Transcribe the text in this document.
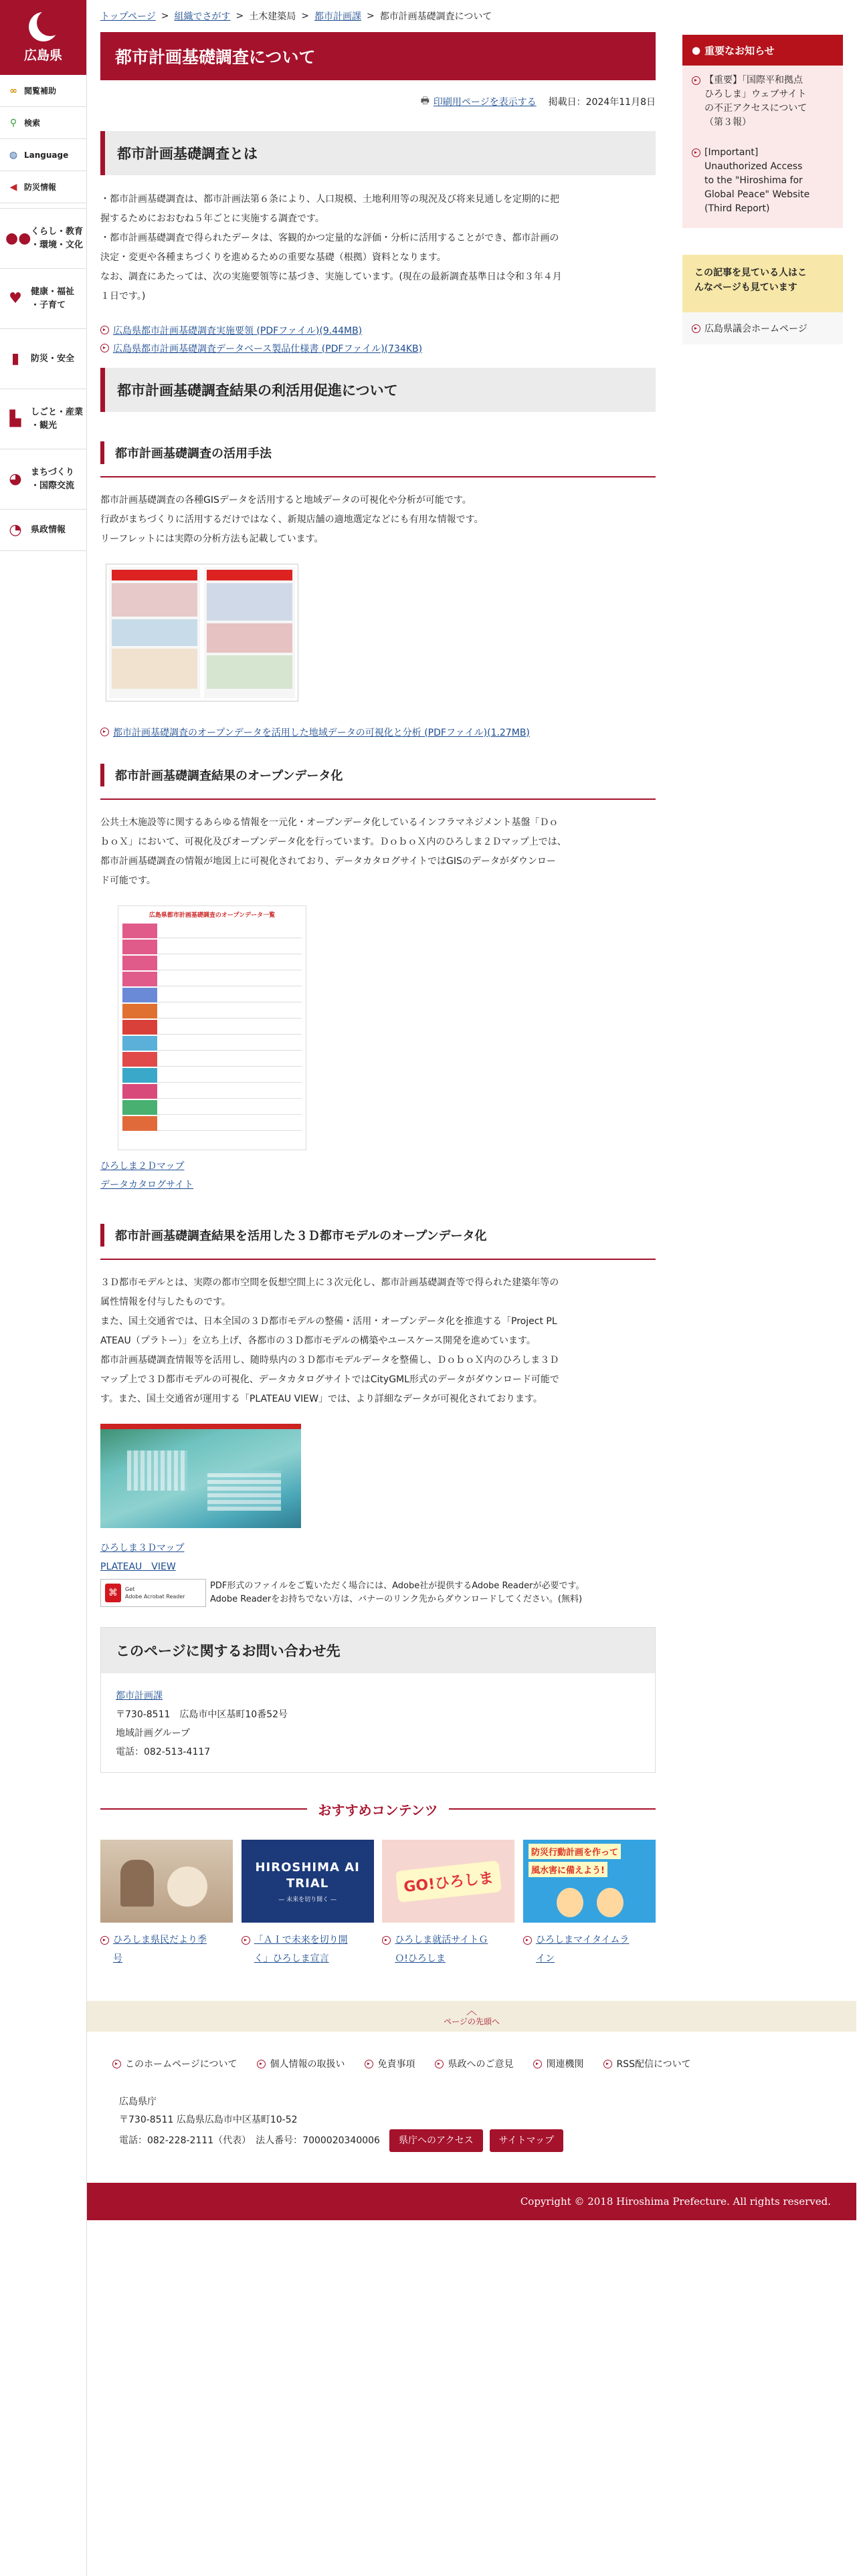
広島県
∞ 閲覧補助
⚲ 検索
◍ Language
◀ 防災情報
●● くらし・教育
・環境・文化
♥	健康・福祉
・子育て
▮	防災・安全
▙	しごと・産業
・観光
◕	まちづくり
・国際交流
◔	県政情報
トップページ > 組織でさがす > 土木建築局 > 都市計画課 > 都市計画基礎調査について
都市計画基礎調査について
🖶 印刷用ページを表示する 掲載日：2024年11月8日
都市計画基礎調査とは
・都市計画基礎調査は、都市計画法第６条により、人口規模、土地利用等の現況及び将来見通しを定期的に把
握するためにおおむね５年ごとに実施する調査です。
・都市計画基礎調査で得られたデータは、客観的かつ定量的な評価・分析に活用することができ、都市計画の
決定・変更や各種まちづくりを進めるための重要な基礎（根拠）資料となります。
なお、調査にあたっては、次の実施要領等に基づき、実施しています。(現在の最新調査基準日は令和３年４月
１日です。)
広島県都市計画基礎調査実施要領 (PDFファイル)(9.44MB)
広島県都市計画基礎調査データベース製品仕様書 (PDFファイル)(734KB)
都市計画基礎調査結果の利活用促進について
都市計画基礎調査の活用手法
都市計画基礎調査の各種GISデータを活用すると地域データの可視化や分析が可能です。
行政がまちづくりに活用するだけではなく、新規店舗の適地選定などにも有用な情報です。
リーフレットには実際の分析方法も記載しています。
都市計画基礎調査のオープンデータを活用した地域データの可視化と分析 (PDFファイル)(1.27MB)
都市計画基礎調査結果のオープンデータ化
公共土木施設等に関するあらゆる情報を一元化・オープンデータ化しているインフラマネジメント基盤「Ｄｏ
ｂｏＸ」において、可視化及びオープンデータ化を行っています。ＤｏｂｏＸ内のひろしま２Ｄマップ上では、
都市計画基礎調査の情報が地図上に可視化されており、データカタログサイトではGISのデータがダウンロー
ド可能です。
広島県都市計画基礎調査のオープンデータ一覧
ひろしま２Ｄマップ
データカタログサイト
都市計画基礎調査結果を活用した３Ｄ都市モデルのオープンデータ化
３Ｄ都市モデルとは、実際の都市空間を仮想空間上に３次元化し、都市計画基礎調査等で得られた建築年等の
属性情報を付与したものです。
また、国土交通省では、日本全国の３Ｄ都市モデルの整備・活用・オープンデータ化を推進する「Project PL
ATEAU（プラトー）」を立ち上げ、各都市の３Ｄ都市モデルの構築やユースケース開発を進めています。
都市計画基礎調査情報等を活用し、随時県内の３Ｄ都市モデルデータを整備し、ＤｏｂｏＸ内のひろしま３Ｄ
マップ上で３Ｄ都市モデルの可視化、データカタログサイトではCityGML形式のデータがダウンロード可能で
す。また、国土交通省が運用する「PLATEAU VIEW」では、より詳細なデータが可視化されております。
ひろしま３Ｄマップ
PLATEAU　VIEW
⌘	Get
Adobe Acrobat Reader
PDF形式のファイルをご覧いただく場合には、Adobe社が提供するAdobe Readerが必要です。
Adobe Readerをお持ちでない方は、バナーのリンク先からダウンロードしてください。(無料)
このページに関するお問い合わせ先
都市計画課
〒730-8511　広島市中区基町10番52号
地域計画グループ
電話：082-513-4117
おすすめコンテンツ
ひろしま県民だより季
号
HIROSHIMA AI TRIAL
— 未来を切り開く —
「ＡＩで未来を切り開
く」ひろしま宣言
GO!ひろしま
ひろしま就活サイトＧ
Ｏ!ひろしま
防災行動計画を作って 風水害に備えよう!
ひろしまマイタイムラ
イン
● 重要なお知らせ
【重要】「国際平和拠点
ひろしま」ウェブサイト
の不正アクセスについて
（第３報）
[Important]
Unauthorized Access
to the "Hiroshima for
Global Peace" Website
(Third Report)
この記事を見ている人はこ
んなページも見ています
広島県議会ホームページ
︿
ページの先頭へ
このホームページについて	個人情報の取扱い	免責事項	県政へのご意見	関連機関	RSS配信について
広島県庁
〒730-8511 広島県広島市中区基町10-52
電話：082-228-2111（代表）　法人番号：7000020340006	県庁へのアクセス	サイトマップ
Copyright © 2018 Hiroshima Prefecture. All rights reserved.
